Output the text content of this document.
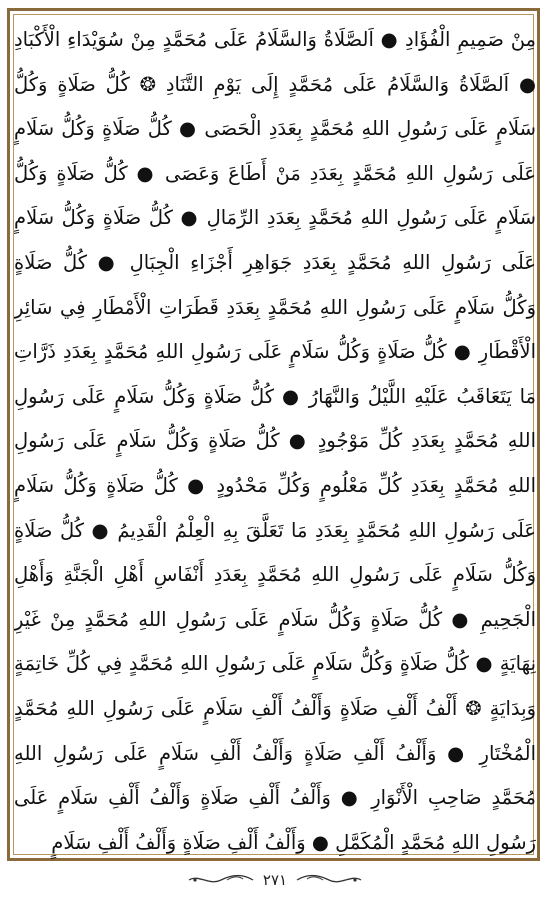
مِنْ صَمِيمِ الْفُؤَادِ ● اَلصَّلَاةُ وَالسَّلَامُ عَلَى مُحَمَّدٍ مِنْ سُوَيْدَاءِ الْأَكْبَادِ
● اَلصَّلَاةُ وَالسَّلَامُ عَلَى مُحَمَّدٍ إِلَى يَوْمِ التَّنَادِ ❂ كُلُّ صَلَاةٍ وَكُلُّ
سَلَامٍ عَلَى رَسُولِ اللهِ مُحَمَّدٍ بِعَدَدِ الْحَصَى ● كُلُّ صَلَاةٍ وَكُلُّ سَلَامٍ
عَلَى رَسُولِ اللهِ مُحَمَّدٍ بِعَدَدِ مَنْ أَطَاعَ وَعَصَى ● كُلُّ صَلَاةٍ وَكُلُّ
سَلَامٍ عَلَى رَسُولِ اللهِ مُحَمَّدٍ بِعَدَدِ الرِّمَالِ ● كُلُّ صَلَاةٍ وَكُلُّ سَلَامٍ
عَلَى رَسُولِ اللهِ مُحَمَّدٍ بِعَدَدِ جَوَاهِرِ أَجْزَاءِ الْجِبَالِ ● كُلُّ صَلَاةٍ
وَكُلُّ سَلَامٍ عَلَى رَسُولِ اللهِ مُحَمَّدٍ بِعَدَدِ قَطَرَاتِ الْأَمْطَارِ فِي سَائِرِ
الْأَقْطَارِ ● كُلُّ صَلَاةٍ وَكُلُّ سَلَامٍ عَلَى رَسُولِ اللهِ مُحَمَّدٍ بِعَدَدِ ذَرَّاتِ
مَا يَتَعَاقَبُ عَلَيْهِ اللَّيْلُ وَالنَّهَارُ ● كُلُّ صَلَاةٍ وَكُلُّ سَلَامٍ عَلَى رَسُولِ
اللهِ مُحَمَّدٍ بِعَدَدِ كُلِّ مَوْجُودٍ ● كُلُّ صَلَاةٍ وَكُلُّ سَلَامٍ عَلَى رَسُولِ
اللهِ مُحَمَّدٍ بِعَدَدِ كُلِّ مَعْلُومٍ وَكُلِّ مَحْدُودٍ ● كُلُّ صَلَاةٍ وَكُلُّ سَلَامٍ
عَلَى رَسُولِ اللهِ مُحَمَّدٍ بِعَدَدِ مَا تَعَلَّقَ بِهِ الْعِلْمُ الْقَدِيمُ ● كُلُّ صَلَاةٍ
وَكُلُّ سَلَامٍ عَلَى رَسُولِ اللهِ مُحَمَّدٍ بِعَدَدِ أَنْفَاسِ أَهْلِ الْجَنَّةِ وَأَهْلِ
الْجَحِيمِ ● كُلُّ صَلَاةٍ وَكُلُّ سَلَامٍ عَلَى رَسُولِ اللهِ مُحَمَّدٍ مِنْ غَيْرِ
نِهَايَةٍ ● كُلُّ صَلَاةٍ وَكُلُّ سَلَامٍ عَلَى رَسُولِ اللهِ مُحَمَّدٍ فِي كُلِّ خَاتِمَةٍ
وَبِدَايَةٍ ❂ أَلْفُ أَلْفِ صَلَاةٍ وَأَلْفُ أَلْفِ سَلَامٍ عَلَى رَسُولِ اللهِ مُحَمَّدٍ
الْمُخْتَارِ ● وَأَلْفُ أَلْفِ صَلَاةٍ وَأَلْفُ أَلْفِ سَلَامٍ عَلَى رَسُولِ اللهِ
مُحَمَّدٍ صَاحِبِ الْأَنْوَارِ ● وَأَلْفُ أَلْفِ صَلَاةٍ وَأَلْفُ أَلْفِ سَلَامٍ عَلَى
رَسُولِ اللهِ مُحَمَّدٍ الْمُكَمَّلِ ● وَأَلْفُ أَلْفِ صَلَاةٍ وَأَلْفُ أَلْفِ سَلَامٍ
٢٧١
